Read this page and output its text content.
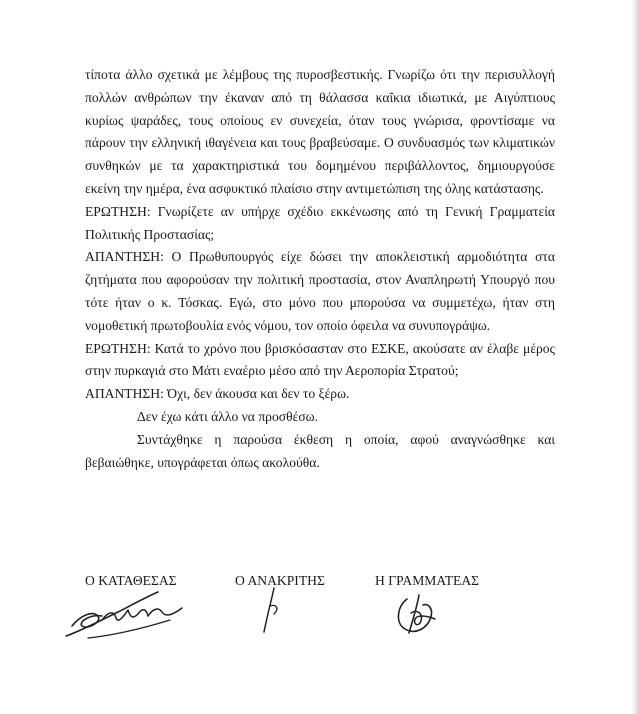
τίποτα άλλο σχετικά με λέμβους της πυροσβεστικής. Γνωρίζω ότι την περισυλλογή πολλών ανθρώπων την έκαναν από τη θάλασσα καΐκια ιδιωτικά, με Αιγύπτιους κυρίως ψαράδες, τους οποίους εν συνεχεία, όταν τους γνώρισα, φροντίσαμε να πάρουν την ελληνική ιθαγένεια και τους βραβεύσαμε. Ο συνδυασμός των κλιματικών συνθηκών με τα χαρακτηριστικά του δομημένου περιβάλλοντος, δημιουργούσε εκείνη την ημέρα, ένα ασφυκτικό πλαίσιο στην αντιμετώπιση της όλης κατάστασης.

ΕΡΩΤΗΣΗ: Γνωρίζετε αν υπήρχε σχέδιο εκκένωσης από τη Γενική Γραμματεία Πολιτικής Προστασίας;

ΑΠΑΝΤΗΣΗ: Ο Πρωθυπουργός είχε δώσει την αποκλειστική αρμοδιότητα στα ζητήματα που αφορούσαν την πολιτική προστασία, στον Αναπληρωτή Υπουργό που τότε ήταν ο κ. Τόσκας. Εγώ, στο μόνο που μπορούσα να συμμετέχω, ήταν στη νομοθετική πρωτοβουλία ενός νόμου, τον οποίο όφειλα να συνυπογράψω.

ΕΡΩΤΗΣΗ: Κατά το χρόνο που βρισκόσασταν στο ΕΣΚΕ, ακούσατε αν έλαβε μέρος στην πυρκαγιά στο Μάτι εναέριο μέσο από την Αεροπορία Στρατού;

ΑΠΑΝΤΗΣΗ: Όχι, δεν άκουσα και δεν το ξέρω.

Δεν έχω κάτι άλλο να προσθέσω.

Συντάχθηκε η παρούσα έκθεση η οποία, αφού αναγνώσθηκε και βεβαιώθηκε, υπογράφεται όπως ακολούθα.

Ο ΚΑΤΑΘΕΣΑΣ	Ο ΑΝΑΚΡΙΤΗΣ	Η ΓΡΑΜΜΑΤΕΑΣ
